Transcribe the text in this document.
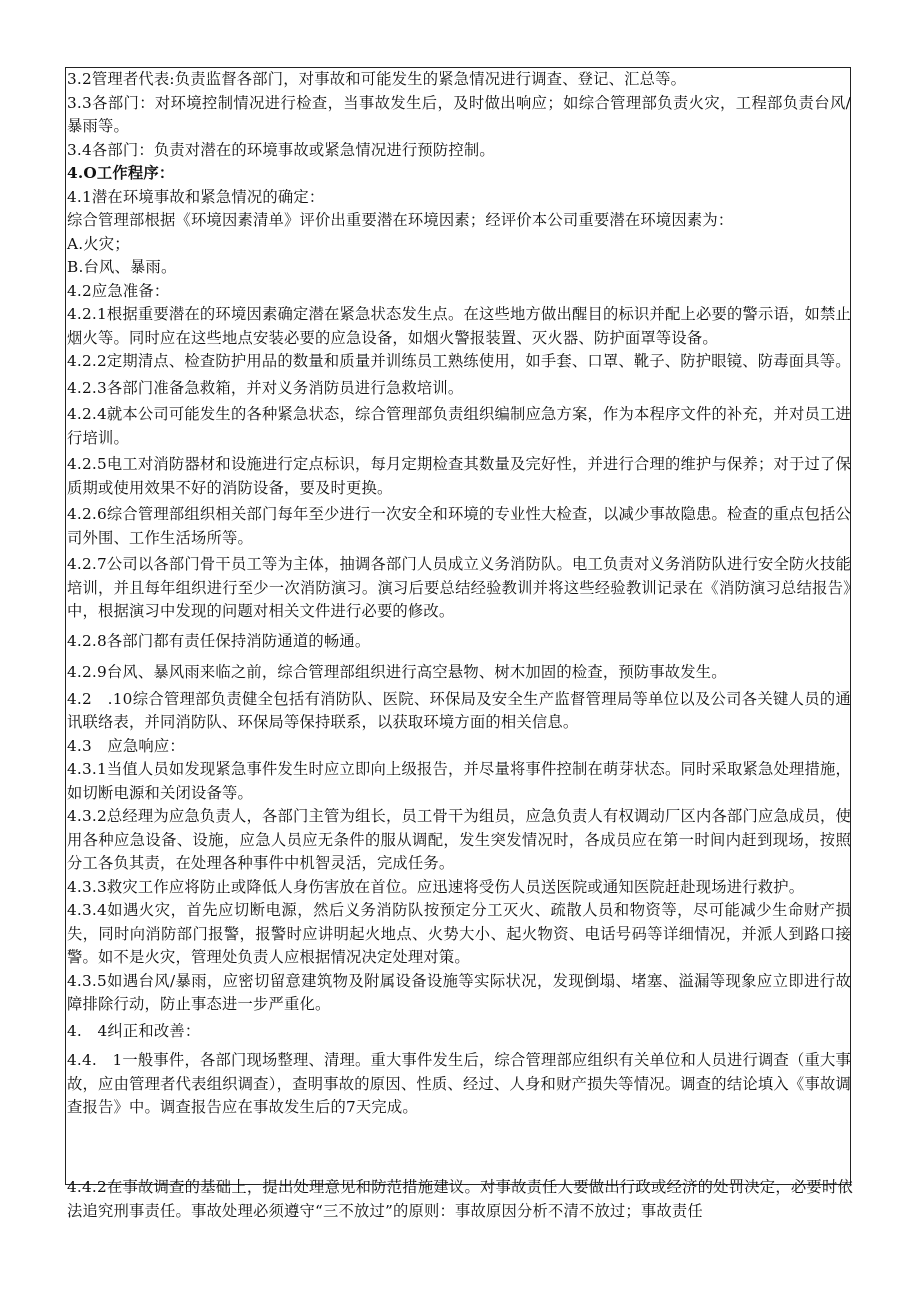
3.2管理者代表:负责监督各部门，对事故和可能发生的紧急情况进行调查、登记、汇总等。

3.3各部门：对环境控制情况进行检查，当事故发生后，及时做出响应；如综合管理部负责火灾，工程部负责台风/暴雨等。

3.4各部门：负责对潜在的环境事故或紧急情况进行预防控制。

4.O工作程序：

4.1潜在环境事故和紧急情况的确定：

综合管理部根据《环境因素清单》评价出重要潜在环境因素；经评价本公司重要潜在环境因素为：

A.火灾；

B.台风、暴雨。

4.2应急准备：

4.2.1根据重要潜在的环境因素确定潜在紧急状态发生点。在这些地方做出醒目的标识并配上必要的警示语，如禁止烟火等。同时应在这些地点安装必要的应急设备，如烟火警报装置、灭火器、防护面罩等设备。

4.2.2定期清点、检查防护用品的数量和质量并训练员工熟练使用，如手套、口罩、靴子、防护眼镜、防毒面具等。

4.2.3各部门准备急救箱，并对义务消防员进行急救培训。

4.2.4就本公司可能发生的各种紧急状态，综合管理部负责组织编制应急方案，作为本程序文件的补充，并对员工进行培训。

4.2.5电工对消防器材和设施进行定点标识，每月定期检查其数量及完好性，并进行合理的维护与保养；对于过了保质期或使用效果不好的消防设备，要及时更换。

4.2.6综合管理部组织相关部门每年至少进行一次安全和环境的专业性大检查，以减少事故隐患。检查的重点包括公司外围、工作生活场所等。

4.2.7公司以各部门骨干员工等为主体，抽调各部门人员成立义务消防队。电工负责对义务消防队进行安全防火技能培训，并且每年组织进行至少一次消防演习。演习后要总结经验教训并将这些经验教训记录在《消防演习总结报告》中，根据演习中发现的问题对相关文件进行必要的修改。

4.2.8各部门都有责任保持消防通道的畅通。

4.2.9台风、暴风雨来临之前，综合管理部组织进行高空悬物、树木加固的检查，预防事故发生。

4.2　.10综合管理部负责健全包括有消防队、医院、环保局及安全生产监督管理局等单位以及公司各关键人员的通讯联络表，并同消防队、环保局等保持联系，以获取环境方面的相关信息。

4.3　应急响应：

4.3.1当值人员如发现紧急事件发生时应立即向上级报告，并尽量将事件控制在萌芽状态。同时采取紧急处理措施，如切断电源和关闭设备等。

4.3.2总经理为应急负责人，各部门主管为组长，员工骨干为组员，应急负责人有权调动厂区内各部门应急成员，使用各种应急设备、设施，应急人员应无条件的服从调配，发生突发情况时，各成员应在第一时间内赶到现场，按照分工各负其责，在处理各种事件中机智灵活，完成任务。

4.3.3救灾工作应将防止或降低人身伤害放在首位。应迅速将受伤人员送医院或通知医院赶赴现场进行救护。

4.3.4如遇火灾，首先应切断电源，然后义务消防队按预定分工灭火、疏散人员和物资等，尽可能减少生命财产损失，同时向消防部门报警，报警时应讲明起火地点、火势大小、起火物资、电话号码等详细情况，并派人到路口接警。如不是火灾，管理处负责人应根据情况决定处理对策。

4.3.5如遇台风/暴雨，应密切留意建筑物及附属设备设施等实际状况，发现倒塌、堵塞、溢漏等现象应立即进行故障排除行动，防止事态进一步严重化。

4.　4纠正和改善：

4.4.　1一般事件，各部门现场整理、清理。重大事件发生后，综合管理部应组织有关单位和人员进行调查（重大事故，应由管理者代表组织调查），查明事故的原因、性质、经过、人身和财产损失等情况。调查的结论填入《事故调查报告》中。调查报告应在事故发生后的7天完成。

4.4.2在事故调查的基础上，提出处理意见和防范措施建议。对事故责任人要做出行政或经济的处罚决定，必要时依法追究刑事责任。事故处理必须遵守“三不放过”的原则：事故原因分析不清不放过；事故责任
